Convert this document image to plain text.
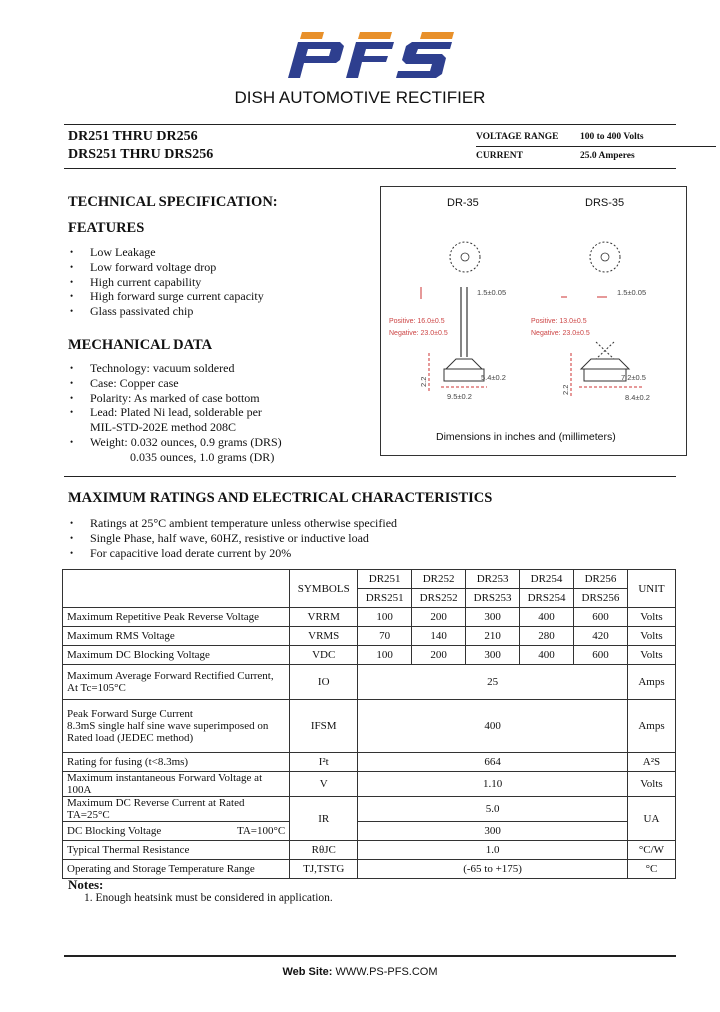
DISH AUTOMOTIVE RECTIFIER
DR251 THRU DR256
DRS251 THRU DRS256
VOLTAGE RANGE	100 to 400 Volts
CURRENT	25.0 Amperes
TECHNICAL SPECIFICATION:
FEATURES
• Low Leakage
• Low forward voltage drop
• High current capability
• High forward surge current capacity
• Glass passivated chip
MECHANICAL DATA
• Technology: vacuum soldered
• Case: Copper case
• Polarity: As marked of case bottom
• Lead: Plated Ni lead, solderable per
MIL-STD-202E method 208C
• Weight: 0.032 ounces, 0.9 grams (DRS)
0.035 ounces, 1.0 grams (DR)
DR-35	DRS-35
1.5±0.05	1.5±0.05
Positive: 16.0±0.5
Negative: 23.0±0.5
Positive: 13.0±0.5
Negative: 23.0±0.5
2.2
2.2
5.4±0.2
9.5±0.2
7.2±0.5
8.4±0.2
Dimensions in inches and (millimeters)
MAXIMUM RATINGS AND ELECTRICAL CHARACTERISTICS
• Ratings at 25°C ambient temperature unless otherwise specified
• Single Phase, half wave, 60HZ, resistive or inductive load
• For capacitive load derate current by 20%
	SYMBOLS	DR251	DR252	DR253	DR254	DR256	UNIT
		DRS251	DRS252	DRS253	DRS254	DRS256	
Maximum Repetitive Peak Reverse Voltage	VRRM	100	200	300	400	600	Volts
Maximum RMS Voltage	VRMS	70	140	210	280	420	Volts
Maximum DC Blocking Voltage	VDC	100	200	300	400	600	Volts

Maximum Average Forward Rectified Current,
At Tc=105°C	IO	25					Amps

Peak Forward Surge Current
8.3mS single half sine wave superimposed on
Rated load (JEDEC method)	IFSM	400					Amps
Rating for fusing (t<8.3ms)	I²t	664					A²S
Maximum instantaneous Forward Voltage at 100A	V	1.10					Volts
Maximum DC Reverse Current at Rated TA=25°C	IR	5.0					UA
DC Blocking Voltage TA=100°C		300					
Typical Thermal Resistance	RθJC	1.0					°C/W
Operating and Storage Temperature Range	TJ,TSTG	(-65 to +175)					°C
Notes:
1. Enough heatsink must be considered in application.
Web Site: WWW.PS-PFS.COM
